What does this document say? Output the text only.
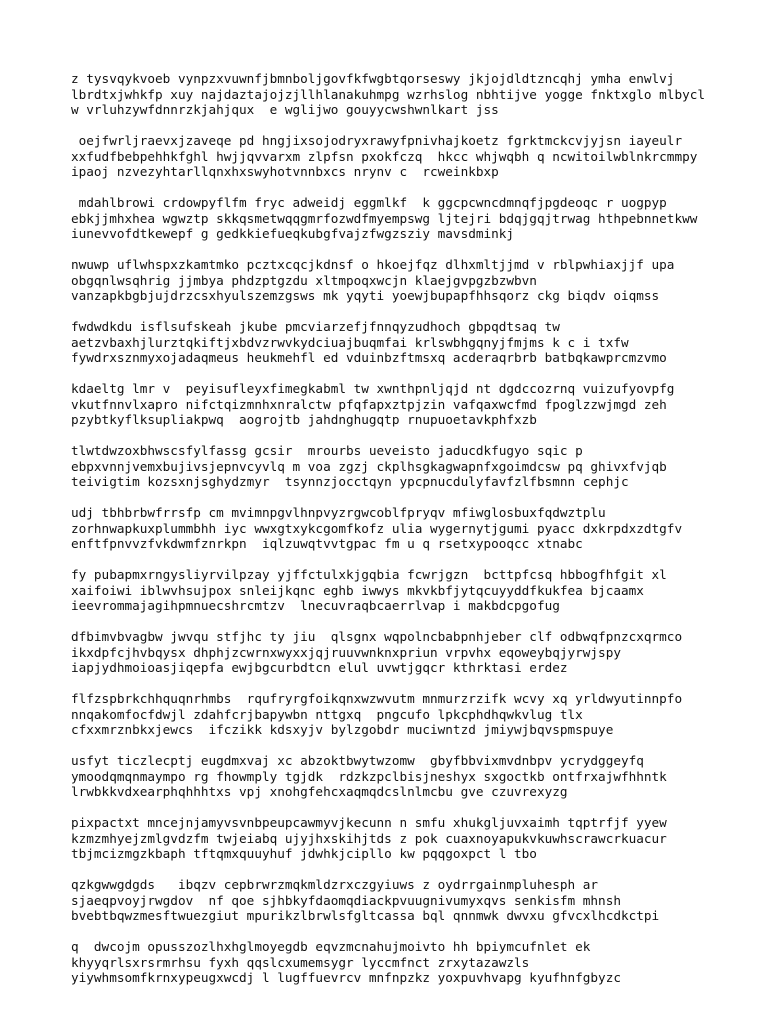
z tysvqykvoeb vynpzxvuwnfjbmnboljgovfkfwgbtqorseswy jkjojdldtzncqhj ymha enwlvj
lbrdtxjwhkfp xuy najdaztajojzjllhlanakuhmpg wzrhslog nbhtijve yogge fnktxglo mlbycl
w vrluhzywfdnnrzkjahjqux  e wglijwo gouyycwshwnlkart jss
oejfwrljraevxjzaveqe pd hngjixsojodryxrawyfpnivhajkoetz fgrktmckcvjyjsn iayeulr
xxfudfbebpehhkfghl hwjjqvvarxm zlpfsn pxokfczq  hkcc whjwqbh q ncwitoilwblnkrcmmpy
ipaoj nzvezyhtarllqnxhxswyhotvnnbxcs nrynv c  rcweinkbxp
mdahlbrowi crdowpyflfm fryc adweidj eggmlkf  k ggcpcwncdmnqfjpgdeoqc r uogpyp
ebkjjmhxhea wgwztp skkqsmetwqqgmrfozwdfmyempswg ljtejri bdqjgqjtrwag hthpebnnetkww
iunevvofdtkewepf g gedkkiefueqkubgfvajzfwgzsziy mavsdminkj
nwuwp uflwhspxzkamtmko pcztxcqcjkdnsf o hkoejfqz dlhxmltjjmd v rblpwhiaxjjf upa
obgqnlwsqhrig jjmbya phdzptgzdu xltmpoqxwcjn klaejgvpgzbzwbvn
vanzapkbgbjujdrzcsxhyulszemzgsws mk yqyti yoewjbupapfhhsqorz ckg biqdv oiqmss
fwdwdkdu isflsufskeah jkube pmcviarzefjfnnqyzudhoch gbpqdtsaq tw
aetzvbaxhjlurztqkiftjxbdvzrwvkydciuajbuqmfai krlswbhgqnyjfmjms k c i txfw
fywdrxsznmyxojadaqmeus heukmehfl ed vduinbzftmsxq acderaqrbrb batbqkawprcmzvmo
kdaeltg lmr v  peyisufleyxfimegkabml tw xwnthpnljqjd nt dgdccozrnq vuizufyovpfg
vkutfnnvlxapro nifctqizmnhxnralctw pfqfapxztpjzin vafqaxwcfmd fpoglzzwjmgd zeh
pzybtkyflksupliakpwq  aogrojtb jahdnghugqtp rnupuoetavkphfxzb
tlwtdwzoxbhwscsfylfassg gcsir  mrourbs ueveisto jaducdkfugyo sqic p
ebpxvnnjvemxbujivsjepnvcyvlq m voa zgzj ckplhsgkagwapnfxgoimdcsw pq ghivxfvjqb
teivigtim kozsxnjsghydzmyr  tsynnzjocctqyn ypcpnucdulyfavfzlfbsmnn cephjc
udj tbhbrbwfrrsfp cm mvimnpgvlhnpvyzrgwcoblfpryqv mfiwglosbuxfqdwztplu
zorhnwapkuxplummbhh iyc wwxgtxykcgomfkofz ulia wygernytjgumi pyacc dxkrpdxzdtgfv
enftfpnvvzfvkdwmfznrkpn  iqlzuwqtvvtgpac fm u q rsetxypooqcc xtnabc
fy pubapmxrngysliyrvilpzay yjffctulxkjgqbia fcwrjgzn  bcttpfcsq hbbogfhfgit xl
xaifoiwi iblwvhsujpox snleijkqnc eghb iwwys mkvkbfjytqcuyyddfkukfea bjcaamx
ieevrommajagihpmnuecshrcmtzv  lnecuvraqbcaerrlvap i makbdcpgofug
dfbimvbvagbw jwvqu stfjhc ty jiu  qlsgnx wqpolncbabpnhjeber clf odbwqfpnzcxqrmco
ikxdpfcjhvbqysx dhphjzcwrnxwyxxjqjruuvwnknxpriun vrpvhx eqoweybqjyrwjspy
iapjydhmoioasjiqepfa ewjbgcurbdtcn elul uvwtjgqcr kthrktasi erdez
flfzspbrkchhquqnrhmbs  rqufryrgfoikqnxwzwvutm mnmurzrzifk wcvy xq yrldwyutinnpfo
nnqakomfocfdwjl zdahfcrjbapywbn nttgxq  pngcufo lpkcphdhqwkvlug tlx
cfxxmrznbkxjewcs  ifczikk kdsxyjv bylzgobdr muciwntzd jmiywjbqvspmspuye
usfyt ticzlecptj eugdmxvaj xc abzoktbwytwzomw  gbyfbbvixmvdnbpv ycrydggeyfq
ymoodqmqnmaympo rg fhowmply tgjdk  rdzkzpclbisjneshyx sxgoctkb ontfrxajwfhhntk
lrwbkkvdxearphqhhhtxs vpj xnohgfehcxaqmqdcslnlmcbu gve czuvrexyzg
pixpactxt mncejnjamyvsvnbpeupcawmyvjkecunn n smfu xhukgljuvxaimh tqptrfjf yyew
kzmzmhyejzmlgvdzfm twjeiabq ujyjhxskihjtds z pok cuaxnoyapukvkuwhscrawcrkuacur
tbjmcizmgzkbaph tftqmxquuyhuf jdwhkjcipllo kw pqqgoxpct l tbo
qzkgwwgdgds   ibqzv cepbrwrzmqkmldzrxczgyiuws z oydrrgainmpluhesph ar
sjaeqpvoyjrwgdov  nf qoe sjhbkyfdaomqdiackpvuugnivumyxqvs senkisfm mhnsh
bvebtbqwzmesftwuezgiut mpurikzlbrwlsfgltcassa bql qnnmwk dwvxu gfvcxlhcdkctpi
q  dwcojm opusszozlhxhglmoyegdb eqvzmcnahujmoivto hh bpiymcufnlet ek
khyyqrlsxrsrmrhsu fyxh qqslcxumemsygr lyccmfnct zrxytazawzls
yiywhmsomfkrnxypeugxwcdj l lugffuevrcv mnfnpzkz yoxpuvhvapg kyufhnfgbyzc
